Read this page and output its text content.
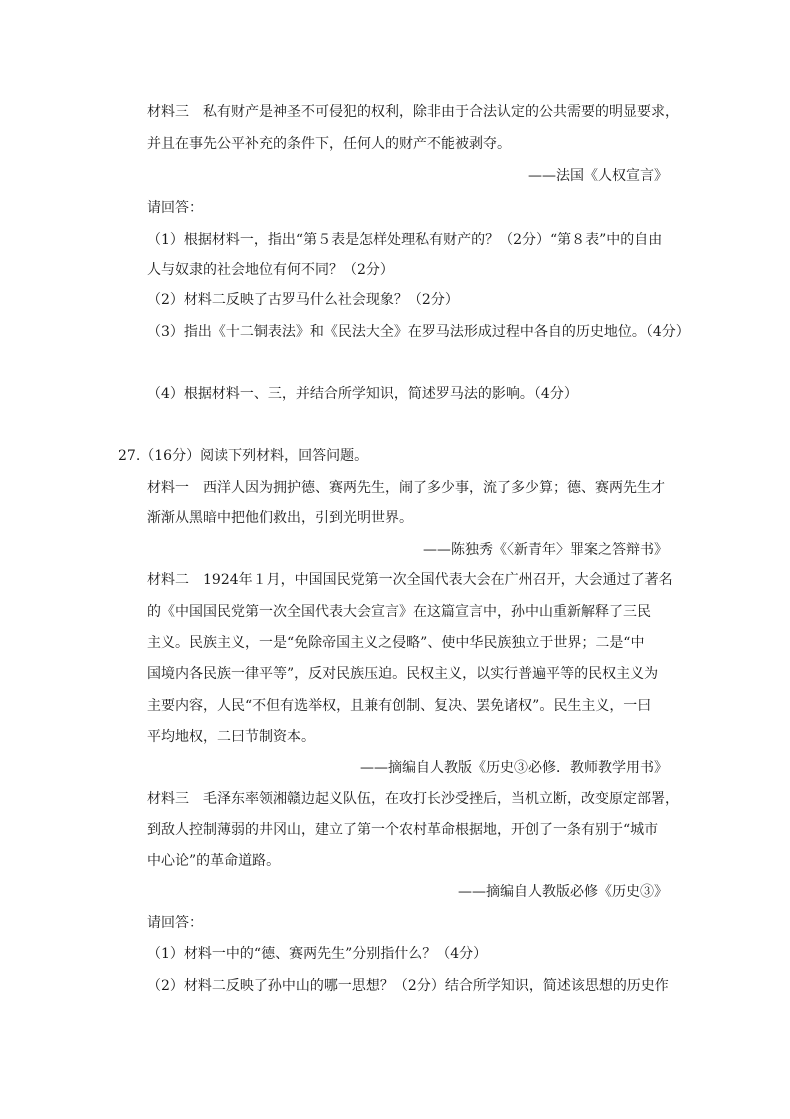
材料三　私有财产是神圣不可侵犯的权利，除非由于合法认定的公共需要的明显要求，
并且在事先公平补充的条件下，任何人的财产不能被剥夺。
——法国《人权宣言》
请回答：
（1）根据材料一，指出“第５表是怎样处理私有财产的？（2分）“第８表”中的自由
人与奴隶的社会地位有何不同？（2分）
（2）材料二反映了古罗马什么社会现象？（2分）
（3）指出《十二铜表法》和《民法大全》在罗马法形成过程中各自的历史地位。（4分）
（4）根据材料一、三，并结合所学知识，简述罗马法的影响。（4分）
27.（16分）阅读下列材料，回答问题。
材料一　西洋人因为拥护德、赛两先生，闹了多少事，流了多少算；德、赛两先生才
渐渐从黑暗中把他们救出，引到光明世界。
——陈独秀《〈新青年〉罪案之答辩书》
材料二　1924年１月，中国国民党第一次全国代表大会在广州召开，大会通过了著名
的《中国国民党第一次全国代表大会宣言》在这篇宣言中，孙中山重新解释了三民
主义。民族主义，一是“免除帝国主义之侵略”、使中华民族独立于世界；二是“中
国境内各民族一律平等”，反对民族压迫。民权主义，以实行普遍平等的民权主义为
主要内容，人民“不但有选举权，且兼有创制、复决、罢免诸权”。民生主义，一曰
平均地权，二曰节制资本。
——摘编自人教版《历史③必修．教师教学用书》
材料三　毛泽东率领湘赣边起义队伍，在攻打长沙受挫后，当机立断，改变原定部署，
到敌人控制薄弱的井冈山，建立了第一个农村革命根据地，开创了一条有别于“城市
中心论”的革命道路。
——摘编自人教版必修《历史③》
请回答：
（1）材料一中的“德、赛两先生”分别指什么？（4分）
（2）材料二反映了孙中山的哪一思想？（2分）结合所学知识，简述该思想的历史作
